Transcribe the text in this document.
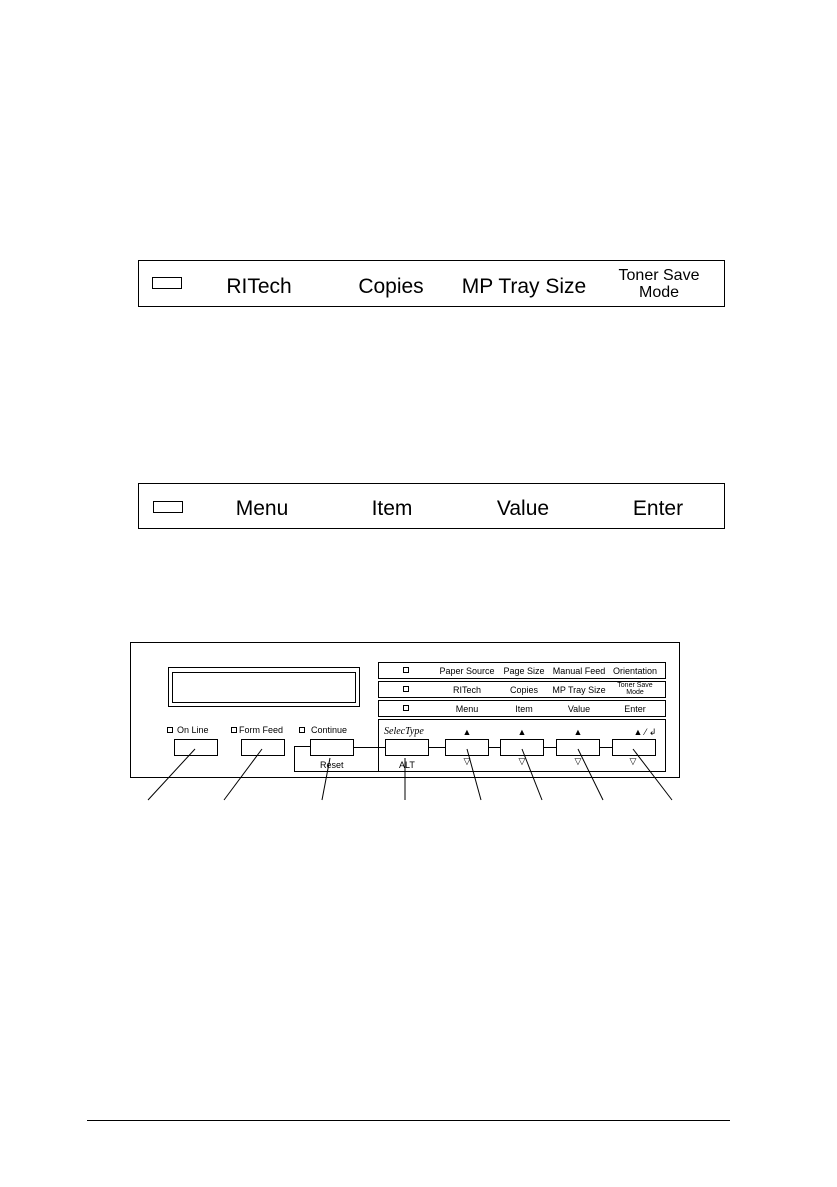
RITech	Copies MP Tray Size Toner Save
Mode
Menu	Item	Value	Enter
Paper Source Page Size Manual Feed Orientation
RITech	Copies MP Tray Size Toner Save
Mode
Menu	Item	Value	Enter
On Line	Form Feed	Continue	SelecType	▲	▲	▲	▲ ⁄ ↲
▽	▽	▽	▽
Reset	ALT
